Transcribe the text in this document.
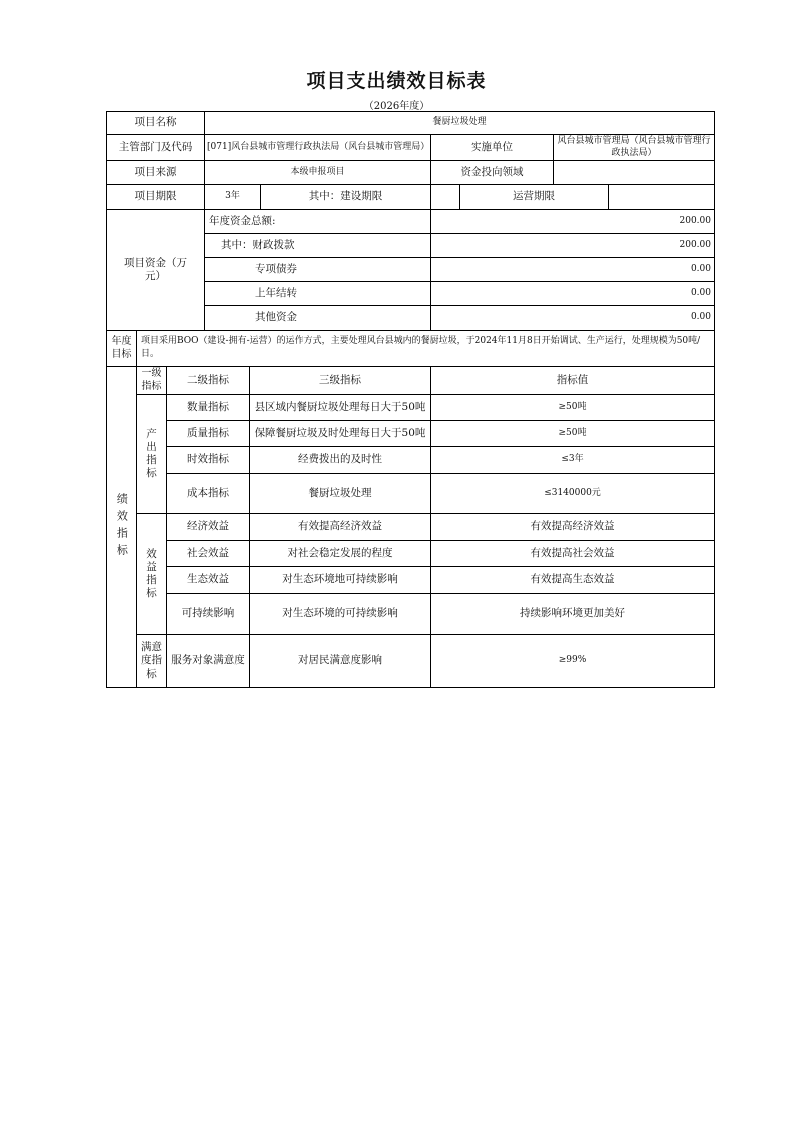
项目支出绩效目标表
（2026年度）
项目名称	餐厨垃圾处理
主管部门及代码	[071]风台县城市管理行政执法局（风台县城市管理局）	实施单位	风台县城市管理局（风台县城市管理行政执法局）
项目来源	本级申报项目	资金投向领域
项目期限	3年	其中：建设期限	运营期限
项目资金（万元）
年度资金总额:	200.00
其中：财政拨款	200.00
专项债券	0.00
上年结转	0.00
其他资金	0.00
年度目标
项目采用BOO（建设-拥有-运营）的运作方式，主要处理风台县城内的餐厨垃圾，于2024年11月8日开始调试、生产运行，处理规模为50吨/日。
绩效指标
一级指标
二级指标	三级指标	指标值
产出指标
数量指标	县区域内餐厨垃圾处理每日大于50吨	≥50吨
质量指标	保障餐厨垃圾及时处理每日大于50吨	≥50吨
时效指标	经费拨出的及时性	≤3年
成本指标	餐厨垃圾处理	≤3140000元
效益指标
经济效益	有效提高经济效益	有效提高经济效益
社会效益	对社会稳定发展的程度	有效提高社会效益
生态效益	对生态环境地可持续影响	有效提高生态效益
可持续影响	对生态环境的可持续影响	持续影响环境更加美好
满意度指标
服务对象满意度	对居民满意度影响	≥99%
